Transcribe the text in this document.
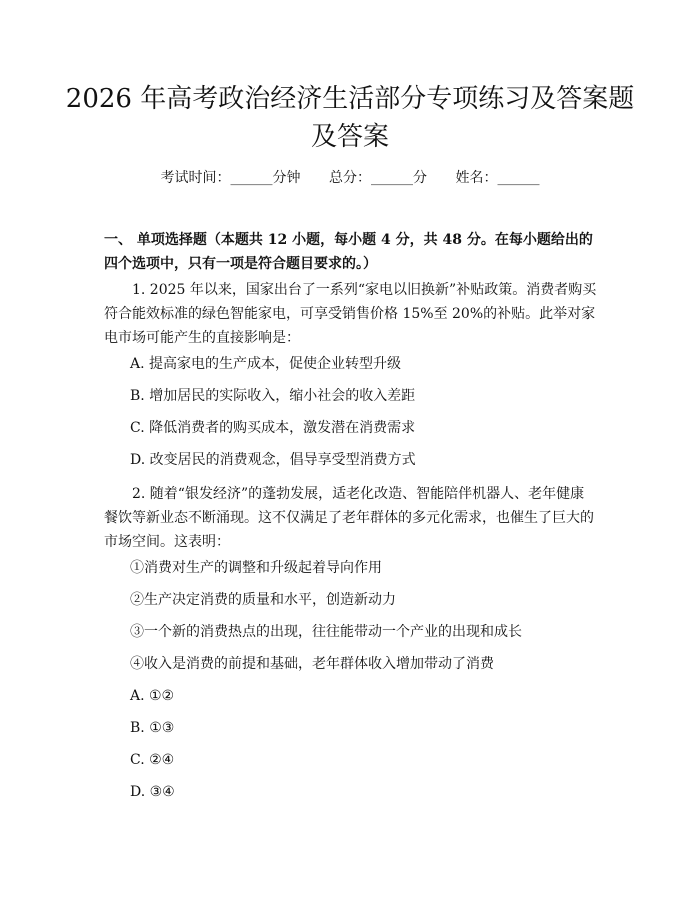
2026 年高考政治经济生活部分专项练习及答案题及答案
考试时间：______分钟 总分：______分 姓名：______

一、 单项选择题（本题共 12 小题，每小题 4 分，共 48 分。在每小题给出的四个选项中，只有一项是符合题目要求的。）

1. 2025 年以来，国家出台了一系列“家电以旧换新”补贴政策。消费者购买符合能效标准的绿色智能家电，可享受销售价格 15%至 20%的补贴。此举对家电市场可能产生的直接影响是：

A. 提高家电的生产成本，促使企业转型升级

B. 增加居民的实际收入，缩小社会的收入差距

C. 降低消费者的购买成本，激发潜在消费需求

D. 改变居民的消费观念，倡导享受型消费方式

2. 随着“银发经济”的蓬勃发展，适老化改造、智能陪伴机器人、老年健康餐饮等新业态不断涌现。这不仅满足了老年群体的多元化需求，也催生了巨大的市场空间。这表明：

①消费对生产的调整和升级起着导向作用

②生产决定消费的质量和水平，创造新动力

③一个新的消费热点的出现，往往能带动一个产业的出现和成长

④收入是消费的前提和基础，老年群体收入增加带动了消费

A. ①②

B. ①③

C. ②④

D. ③④
